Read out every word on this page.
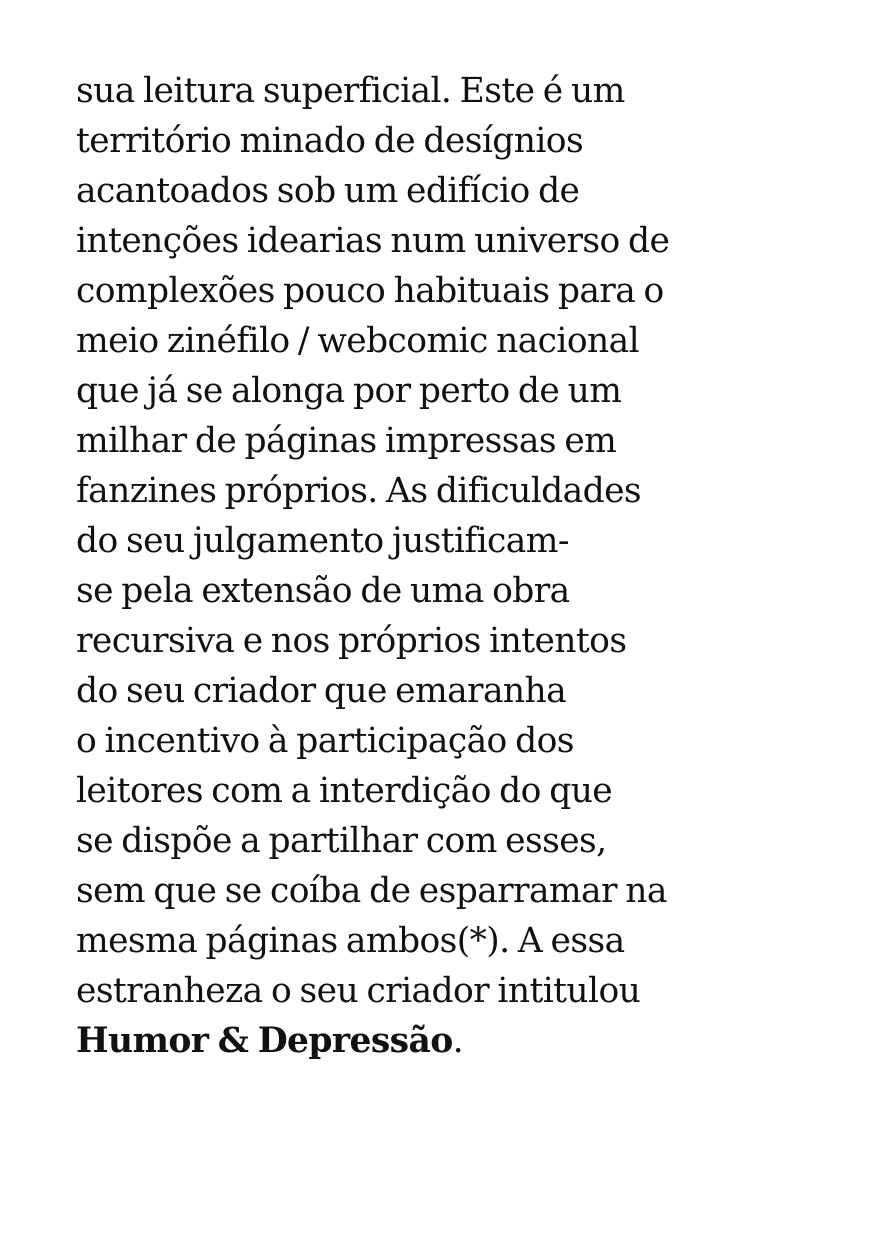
sua leitura superficial. Este é um
território minado de desígnios
acantoados sob um edifício de
intenções idearias num universo de
complexões pouco habituais para o
meio zinéfilo / webcomic nacional
que já se alonga por perto de um
milhar de páginas impressas em
fanzines próprios. As dificuldades
do seu julgamento justificam-
se pela extensão de uma obra
recursiva e nos próprios intentos
do seu criador que emaranha
o incentivo à participação dos
leitores com a interdição do que
se dispõe a partilhar com esses,
sem que se coíba de esparramar na
mesma páginas ambos(*). A essa
estranheza o seu criador intitulou
Humor & Depressão.
